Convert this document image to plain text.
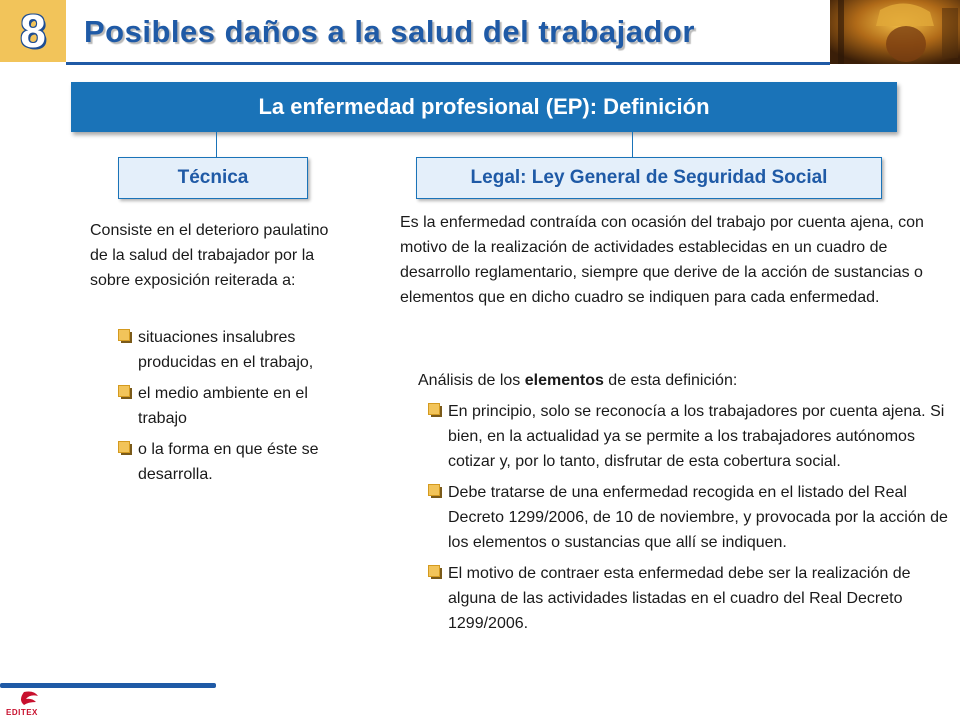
8	Posibles daños a la salud del trabajador
La enfermedad profesional (EP): Definición
Técnica	Legal: Ley General de Seguridad Social
Consiste en el deterioro paulatino de la salud del trabajador por la sobre exposición reiterada a:
situaciones insalubres producidas en el trabajo,
el medio ambiente en el trabajo
o la forma en que éste se desarrolla.
Es la enfermedad contraída con ocasión del trabajo por cuenta ajena, con motivo de la realización de actividades establecidas en un cuadro de desarrollo reglamentario, siempre que derive de la acción de sustancias o elementos que en dicho cuadro se indiquen para cada enfermedad.
Análisis de los elementos de esta definición:
En principio, solo se reconocía a los trabajadores por cuenta ajena. Si bien, en la actualidad ya se permite a los trabajadores autónomos cotizar y, por lo tanto, disfrutar de esta cobertura social.
Debe tratarse de una enfermedad recogida en el listado del Real Decreto 1299/2006, de 10 de noviembre, y provocada por la acción de los elementos o sustancias que allí se indiquen.
El motivo de contraer esta enfermedad debe ser la realización de alguna de las actividades listadas en el cuadro del Real Decreto 1299/2006.
EDITEX
